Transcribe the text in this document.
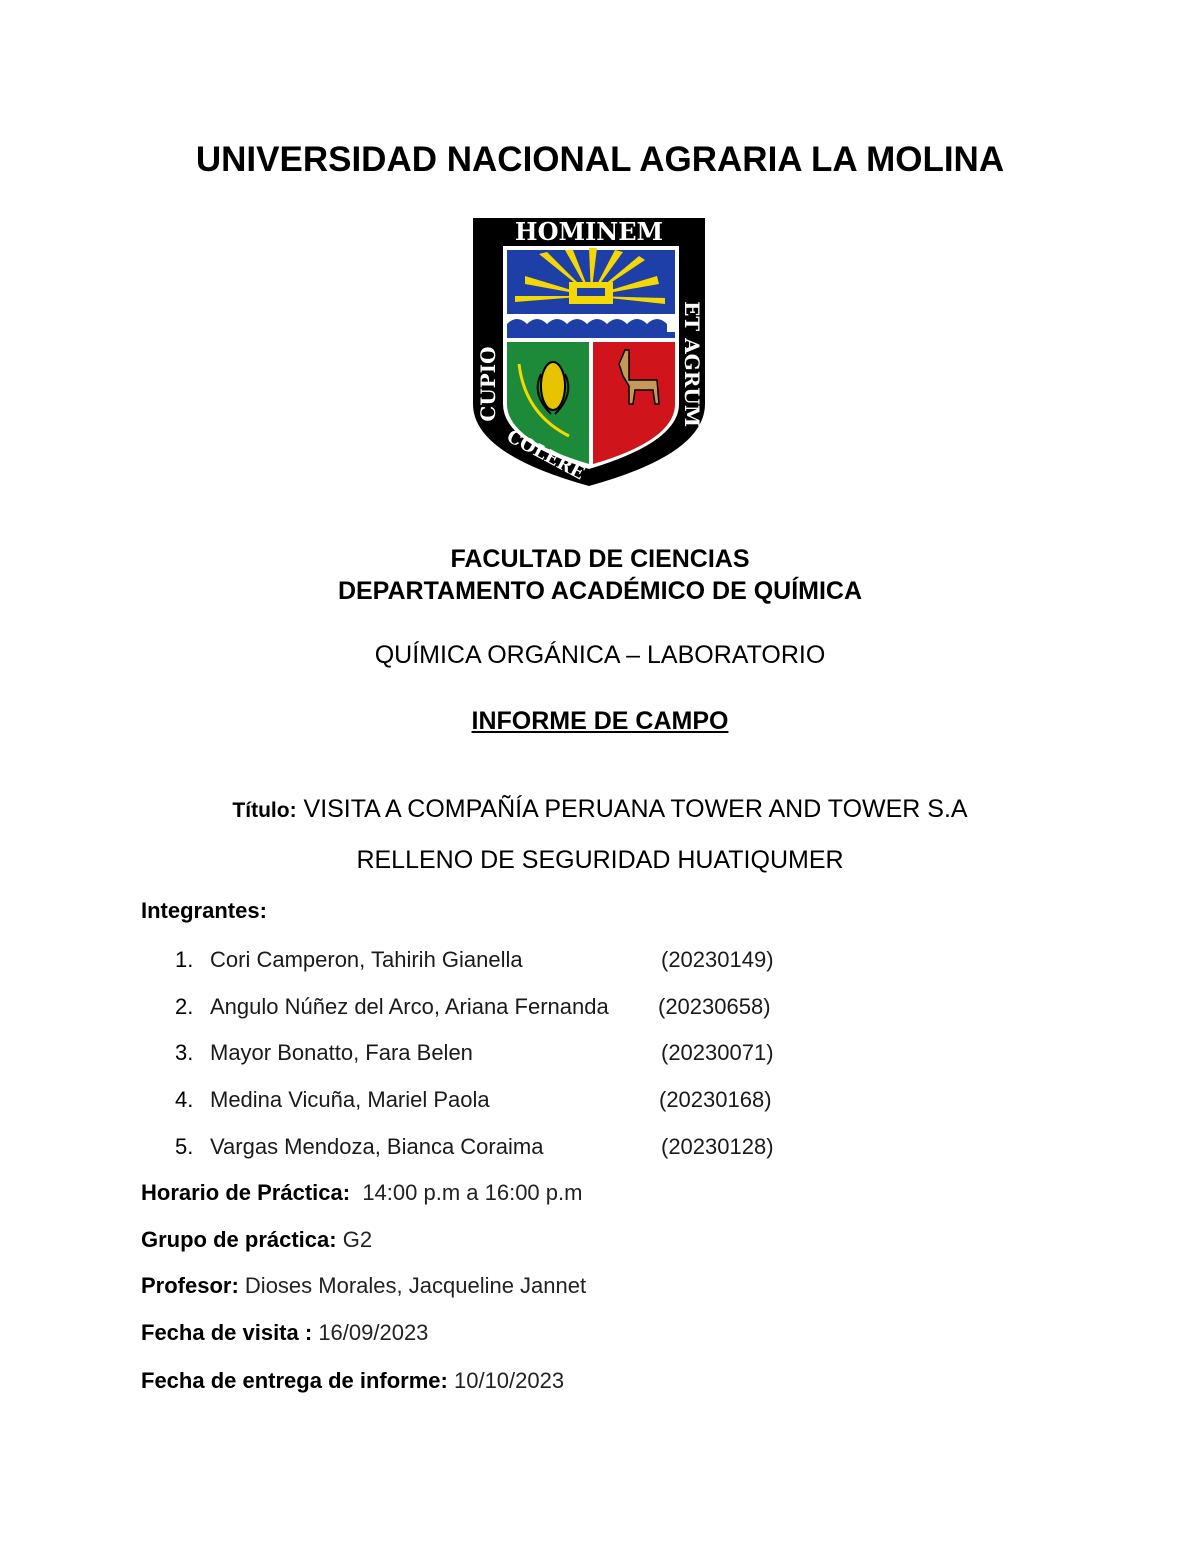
UNIVERSIDAD NACIONAL AGRARIA LA MOLINA
HOMINEM
CUPIO	ET AGRUM
COLERE
FACULTAD DE CIENCIAS
DEPARTAMENTO ACADÉMICO DE QUÍMICA
QUÍMICA ORGÁNICA – LABORATORIO
INFORME DE CAMPO
Título: VISITA A COMPAÑÍA PERUANA TOWER AND TOWER S.A
RELLENO DE SEGURIDAD HUATIQUMER
Integrantes:
1. Cori Camperon, Tahirih Gianella	(20230149)
2. Angulo Núñez del Arco, Ariana Fernanda (20230658)
3. Mayor Bonatto, Fara Belen	(20230071)
4. Medina Vicuña, Mariel Paola	(20230168)
5. Vargas Mendoza, Bianca Coraima	(20230128)
Horario de Práctica: 14:00 p.m a 16:00 p.m
Grupo de práctica: G2
Profesor: Dioses Morales, Jacqueline Jannet
Fecha de visita : 16/09/2023
Fecha de entrega de informe: 10/10/2023
